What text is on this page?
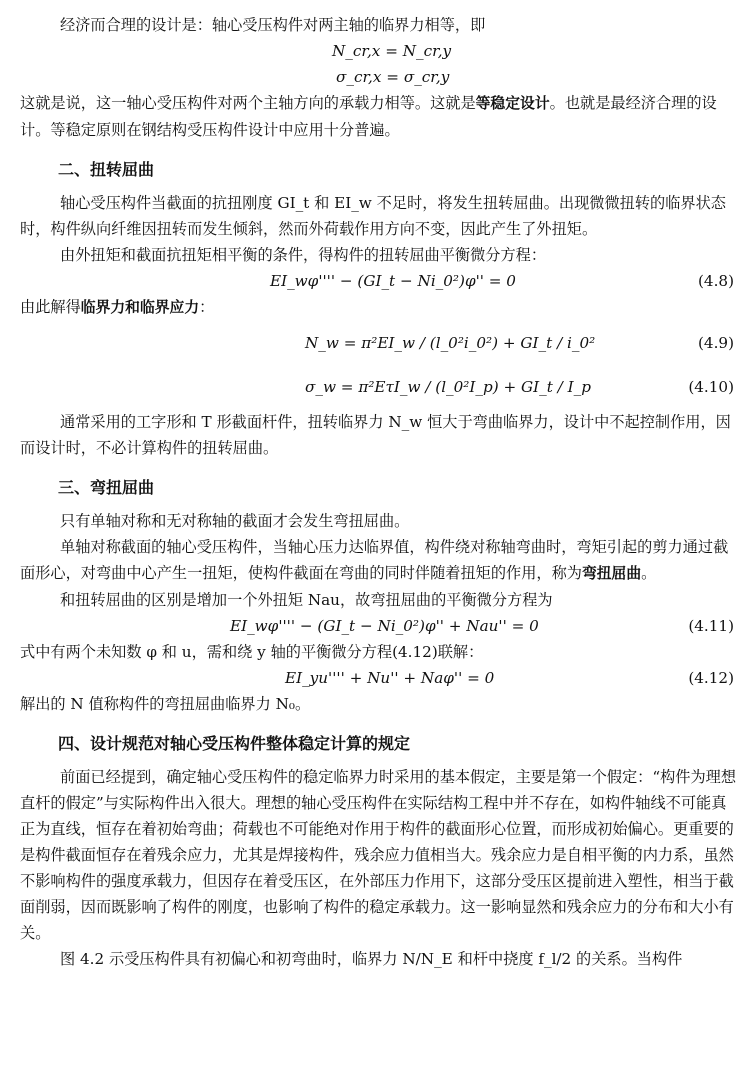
经济而合理的设计是：轴心受压构件对两主轴的临界力相等，即

N_cr,x = N_cr,y
σ_cr,x = σ_cr,y

这就是说，这一轴心受压构件对两个主轴方向的承载力相等。这就是等稳定设计。也就是最经济合理的设计。等稳定原则在钢结构受压构件设计中应用十分普遍。

二、扭转屈曲

轴心受压构件当截面的抗扭刚度 GI_t 和 EI_w 不足时，将发生扭转屈曲。出现微微扭转的临界状态时，构件纵向纤维因扭转而发生倾斜，然而外荷载作用方向不变，因此产生了外扭矩。

由外扭矩和截面抗扭矩相平衡的条件，得构件的扭转屈曲平衡微分方程：

EI_wφ'''' − (GI_t − Ni_0²)φ'' = 0	(4.8)

由此解得临界力和临界应力：

N_w = π²EI_w / (l_0²i_0²) + GI_t / i_0²	(4.9)
σ_w = π²EτI_w / (l_0²I_p) + GI_t / I_p	(4.10)

通常采用的工字形和 T 形截面杆件，扭转临界力 N_w 恒大于弯曲临界力，设计中不起控制作用，因而设计时，不必计算构件的扭转屈曲。

三、弯扭屈曲

只有单轴对称和无对称轴的截面才会发生弯扭屈曲。

单轴对称截面的轴心受压构件，当轴心压力达临界值，构件绕对称轴弯曲时，弯矩引起的剪力通过截面形心，对弯曲中心产生一扭矩，使构件截面在弯曲的同时伴随着扭矩的作用，称为弯扭屈曲。

和扭转屈曲的区别是增加一个外扭矩 Nau，故弯扭屈曲的平衡微分方程为

EI_wφ'''' − (GI_t − Ni_0²)φ'' + Nau'' = 0	(4.11)

式中有两个未知数 φ 和 u，需和绕 y 轴的平衡微分方程(4.12)联解：

EI_yu'''' + Nu'' + Naφ'' = 0	(4.12)

解出的 N 值称构件的弯扭屈曲临界力 N₀。

四、设计规范对轴心受压构件整体稳定计算的规定

前面已经提到，确定轴心受压构件的稳定临界力时采用的基本假定，主要是第一个假定：“构件为理想直杆的假定”与实际构件出入很大。理想的轴心受压构件在实际结构工程中并不存在，如构件轴线不可能真正为直线，恒存在着初始弯曲；荷载也不可能绝对作用于构件的截面形心位置，而形成初始偏心。更重要的是构件截面恒存在着残余应力，尤其是焊接构件，残余应力值相当大。残余应力是自相平衡的内力系，虽然不影响构件的强度承载力，但因存在着受压区，在外部压力作用下，这部分受压区提前进入塑性，相当于截面削弱，因而既影响了构件的刚度，也影响了构件的稳定承载力。这一影响显然和残余应力的分布和大小有关。

图 4.2 示受压构件具有初偏心和初弯曲时，临界力 N/N_E 和杆中挠度 f_l/2 的关系。当构件
